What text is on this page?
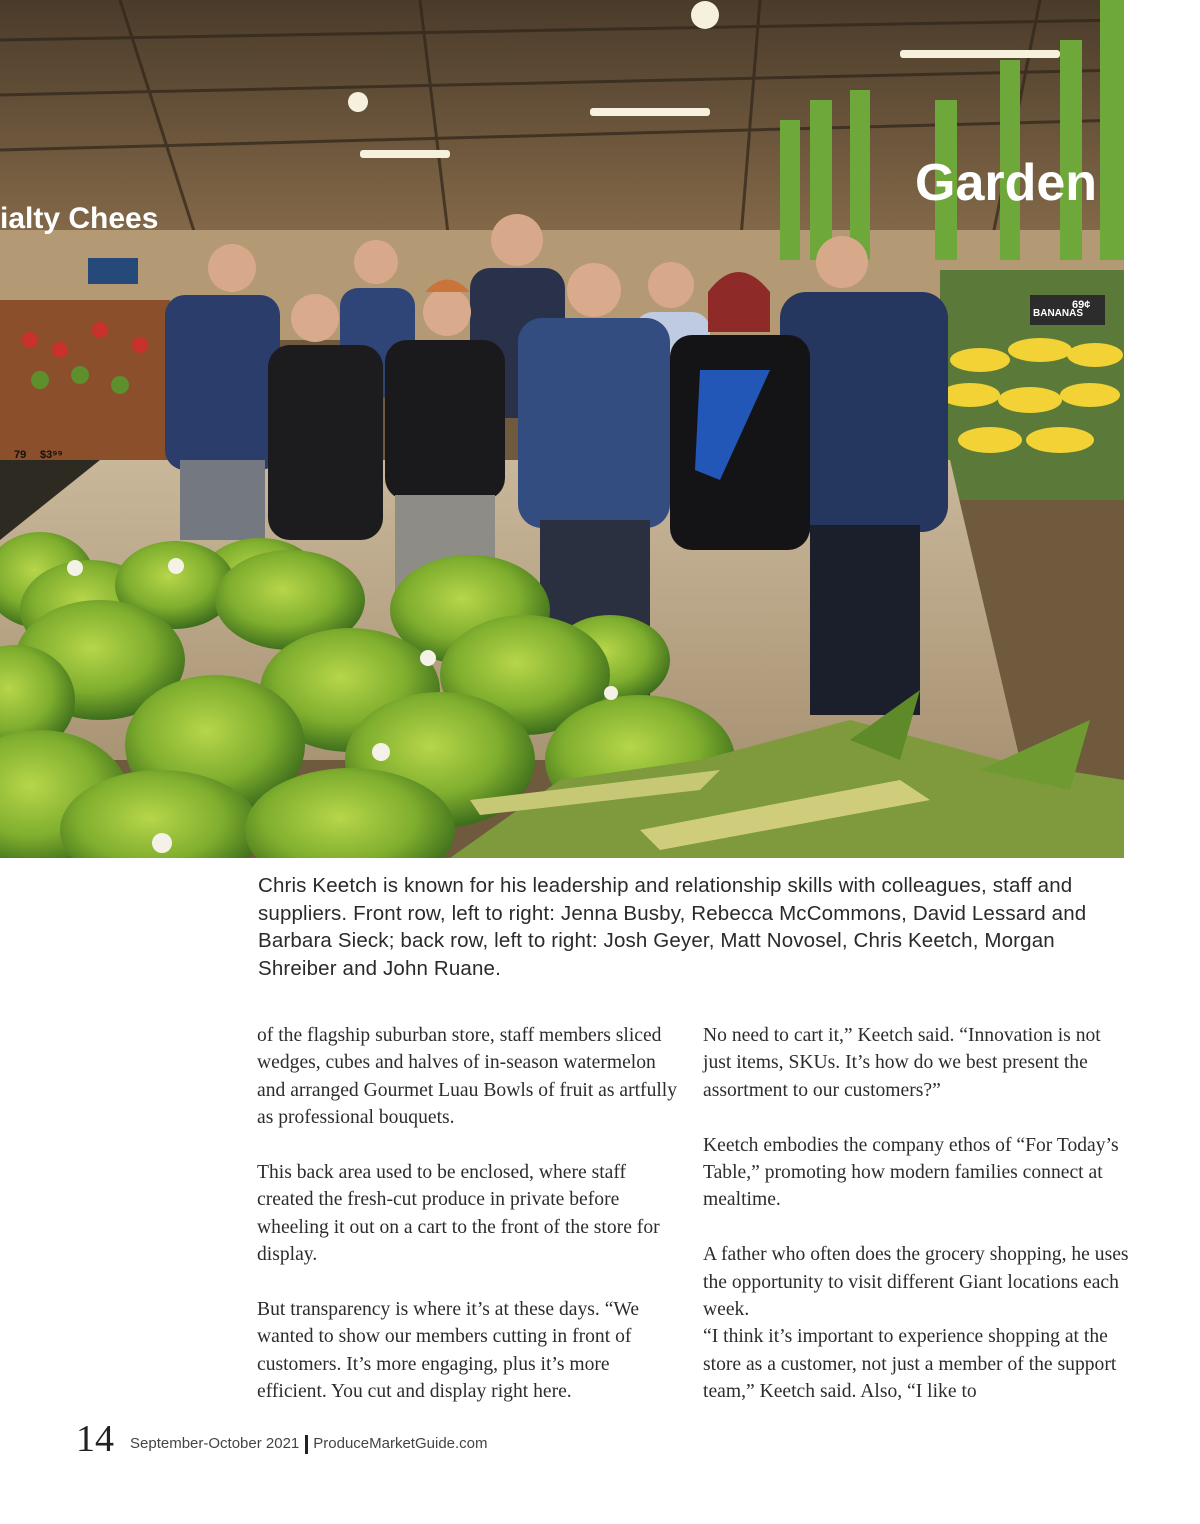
Garden
ialty Chees
79 $3⁹⁹
BANANAS
69¢

Chris Keetch is known for his leadership and relationship skills with colleagues, staff and suppliers. Front row, left to right: Jenna Busby, Rebecca McCommons, David Lessard and Barbara Sieck; back row, left to right: Josh Geyer, Matt Novosel, Chris Keetch, Morgan Shreiber and John Ruane.

of the flagship suburban store, staff members sliced wedges, cubes and halves of in-season watermelon and arranged Gourmet Luau Bowls of fruit as artfully as professional bouquets.

This back area used to be enclosed, where staff created the fresh-cut produce in private before wheeling it out on a cart to the front of the store for display.

But transparency is where it’s at these days. “We wanted to show our members cutting in front of customers. It’s more engaging, plus it’s more efficient. You cut and display right here.

No need to cart it,” Keetch said. “Innovation is not just items, SKUs. It’s how do we best present the assortment to our customers?”

Keetch embodies the company ethos of “For Today’s Table,” promoting how modern families connect at mealtime.

A father who often does the grocery shopping, he uses the opportunity to visit different Giant locations each week.

“I think it’s important to experience shopping at the store as a customer, not just a member of the support team,” Keetch said. Also, “I like to

14 September-October 2021 ProduceMarketGuide.com
